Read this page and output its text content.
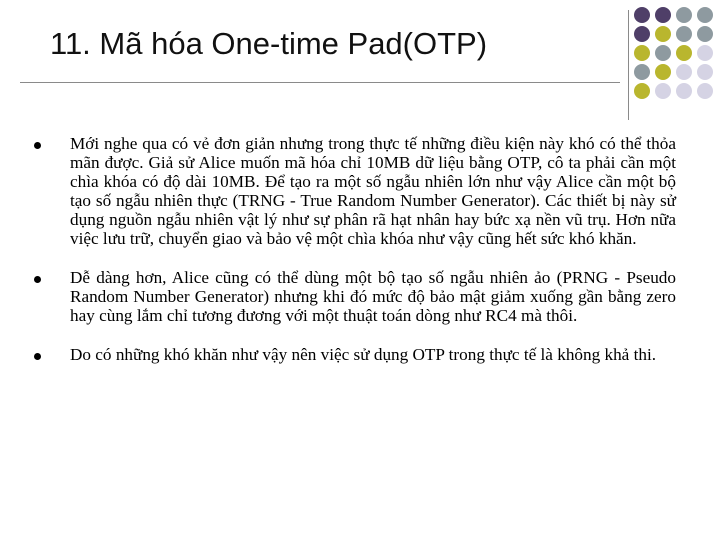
11. Mã hóa One-time Pad(OTP)

Mới nghe qua có vẻ đơn giản nhưng trong thực tế những điều kiện này khó có thể thỏa mãn được. Giả sử Alice muốn mã hóa chỉ 10MB dữ liệu bằng OTP, cô ta phải cần một chìa khóa có độ dài 10MB. Để tạo ra một số ngẫu nhiên lớn như vậy Alice cần một bộ tạo số ngẫu nhiên thực (TRNG - True Random Number Generator). Các thiết bị này sử dụng nguồn ngẫu nhiên vật lý như sự phân rã hạt nhân hay bức xạ nền vũ trụ. Hơn nữa việc lưu trữ, chuyển giao và bảo vệ một chìa khóa như vậy cũng hết sức khó khăn.

Dễ dàng hơn, Alice cũng có thể dùng một bộ tạo số ngẫu nhiên ảo (PRNG - Pseudo Random Number Generator) nhưng khi đó mức độ bảo mật giảm xuống gần bằng zero hay cùng lắm chỉ tương đương với một thuật toán dòng như RC4 mà thôi.

Do có những khó khăn như vậy nên việc sử dụng OTP trong thực tế là không khả thi.
